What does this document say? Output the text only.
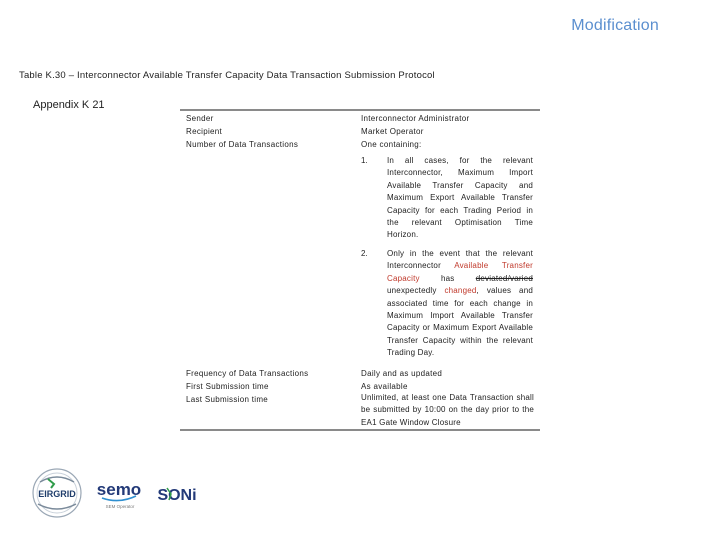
Modification
Table K.30 – Interconnector Available Transfer Capacity Data Transaction Submission Protocol
Appendix K 21
Sender	Interconnector Administrator
Recipient	Market Operator
Number of Data Transactions	One containing:
1. In all cases, for the relevant Interconnector, Maximum Import Available Transfer Capacity and Maximum Export Available Transfer Capacity for each Trading Period in the relevant Optimisation Time Horizon.
2. Only in the event that the relevant Interconnector Available Transfer Capacity has deviated/varied unexpectedly changed, values and associated time for each change in Maximum Import Available Transfer Capacity or Maximum Export Available Transfer Capacity within the relevant Trading Day.
Frequency of Data Transactions	Daily and as updated
First Submission time	As available
Last Submission time	Unlimited, at least one Data Transaction shall be submitted by 10:00 on the day prior to the EA1 Gate Window Closure
EIRGRID semo
SEM Operator
SONi
